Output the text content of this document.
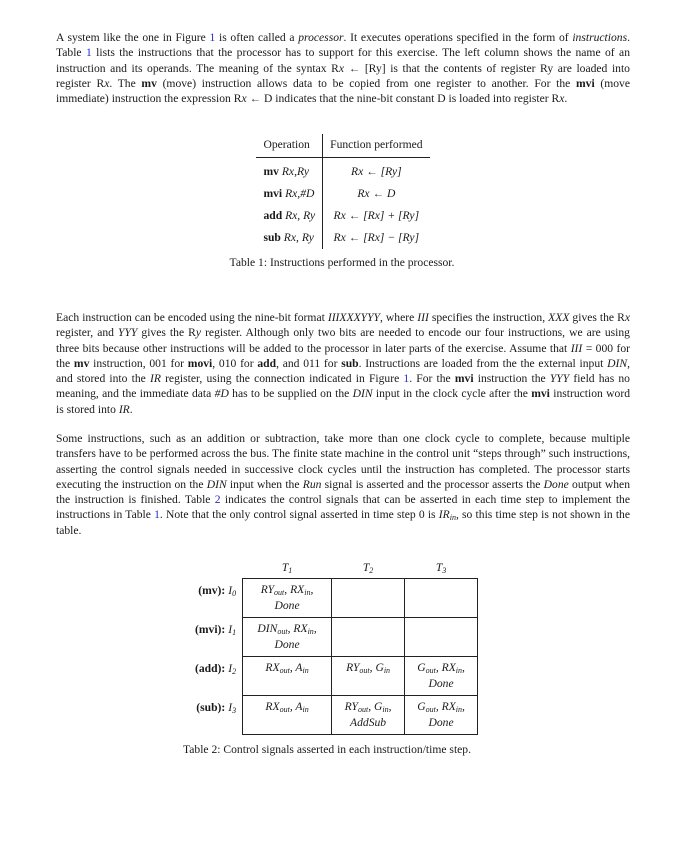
A system like the one in Figure 1 is often called a processor. It executes operations specified in the form of instructions. Table 1 lists the instructions that the processor has to support for this exercise. The left column shows the name of an instruction and its operands. The meaning of the syntax Rx ← [Ry] is that the contents of register Ry are loaded into register Rx. The mv (move) instruction allows data to be copied from one register to another. For the mvi (move immediate) instruction the expression Rx ← D indicates that the nine-bit constant D is loaded into register Rx.

Operation	Function performed
mv Rx,Ry	Rx ← [Ry]
mvi Rx,#D	Rx ← D
add Rx, Ry	Rx ← [Rx] + [Ry]
sub Rx, Ry	Rx ← [Rx] − [Ry]
Table 1: Instructions performed in the processor.

Each instruction can be encoded using the nine-bit format IIIXXXYYY, where III specifies the instruction, XXX gives the Rx register, and YYY gives the Ry register. Although only two bits are needed to encode our four instructions, we are using three bits because other instructions will be added to the processor in later parts of the exercise. Assume that III = 000 for the mv instruction, 001 for movi, 010 for add, and 011 for sub. Instructions are loaded from the the external input DIN, and stored into the IR register, using the connection indicated in Figure 1. For the mvi instruction the YYY field has no meaning, and the immediate data #D has to be supplied on the DIN input in the clock cycle after the mvi instruction word is stored into IR.

Some instructions, such as an addition or subtraction, take more than one clock cycle to complete, because multiple transfers have to be performed across the bus. The finite state machine in the control unit “steps through” such instructions, asserting the control signals needed in successive clock cycles until the instruction has completed. The processor starts executing the instruction on the DIN input when the Run signal is asserted and the processor asserts the Done output when the instruction is finished. Table 2 indicates the control signals that can be asserted in each time step to implement the instructions in Table 1. Note that the only control signal asserted in time step 0 is $IR_{in}$, so this time step is not shown in the table.

	$T_1$	$T_2$	$T_3$
(mv): $I_0$	$RY_{out}$, $RX_{in}$,
Done		
(mvi): $I_1$	$DIN_{out}$, $RX_{in}$,
Done		
(add): $I_2$	$RX_{out}$, $A_{in}$	$RY_{out}$, $G_{in}$	$G_{out}$, $RX_{in}$,
Done
(sub): $I_3$	$RX_{out}$, $A_{in}$	$RY_{out}$, $G_{in}$,
AddSub	$G_{out}$, $RX_{in}$,
Done
Table 2: Control signals asserted in each instruction/time step.
